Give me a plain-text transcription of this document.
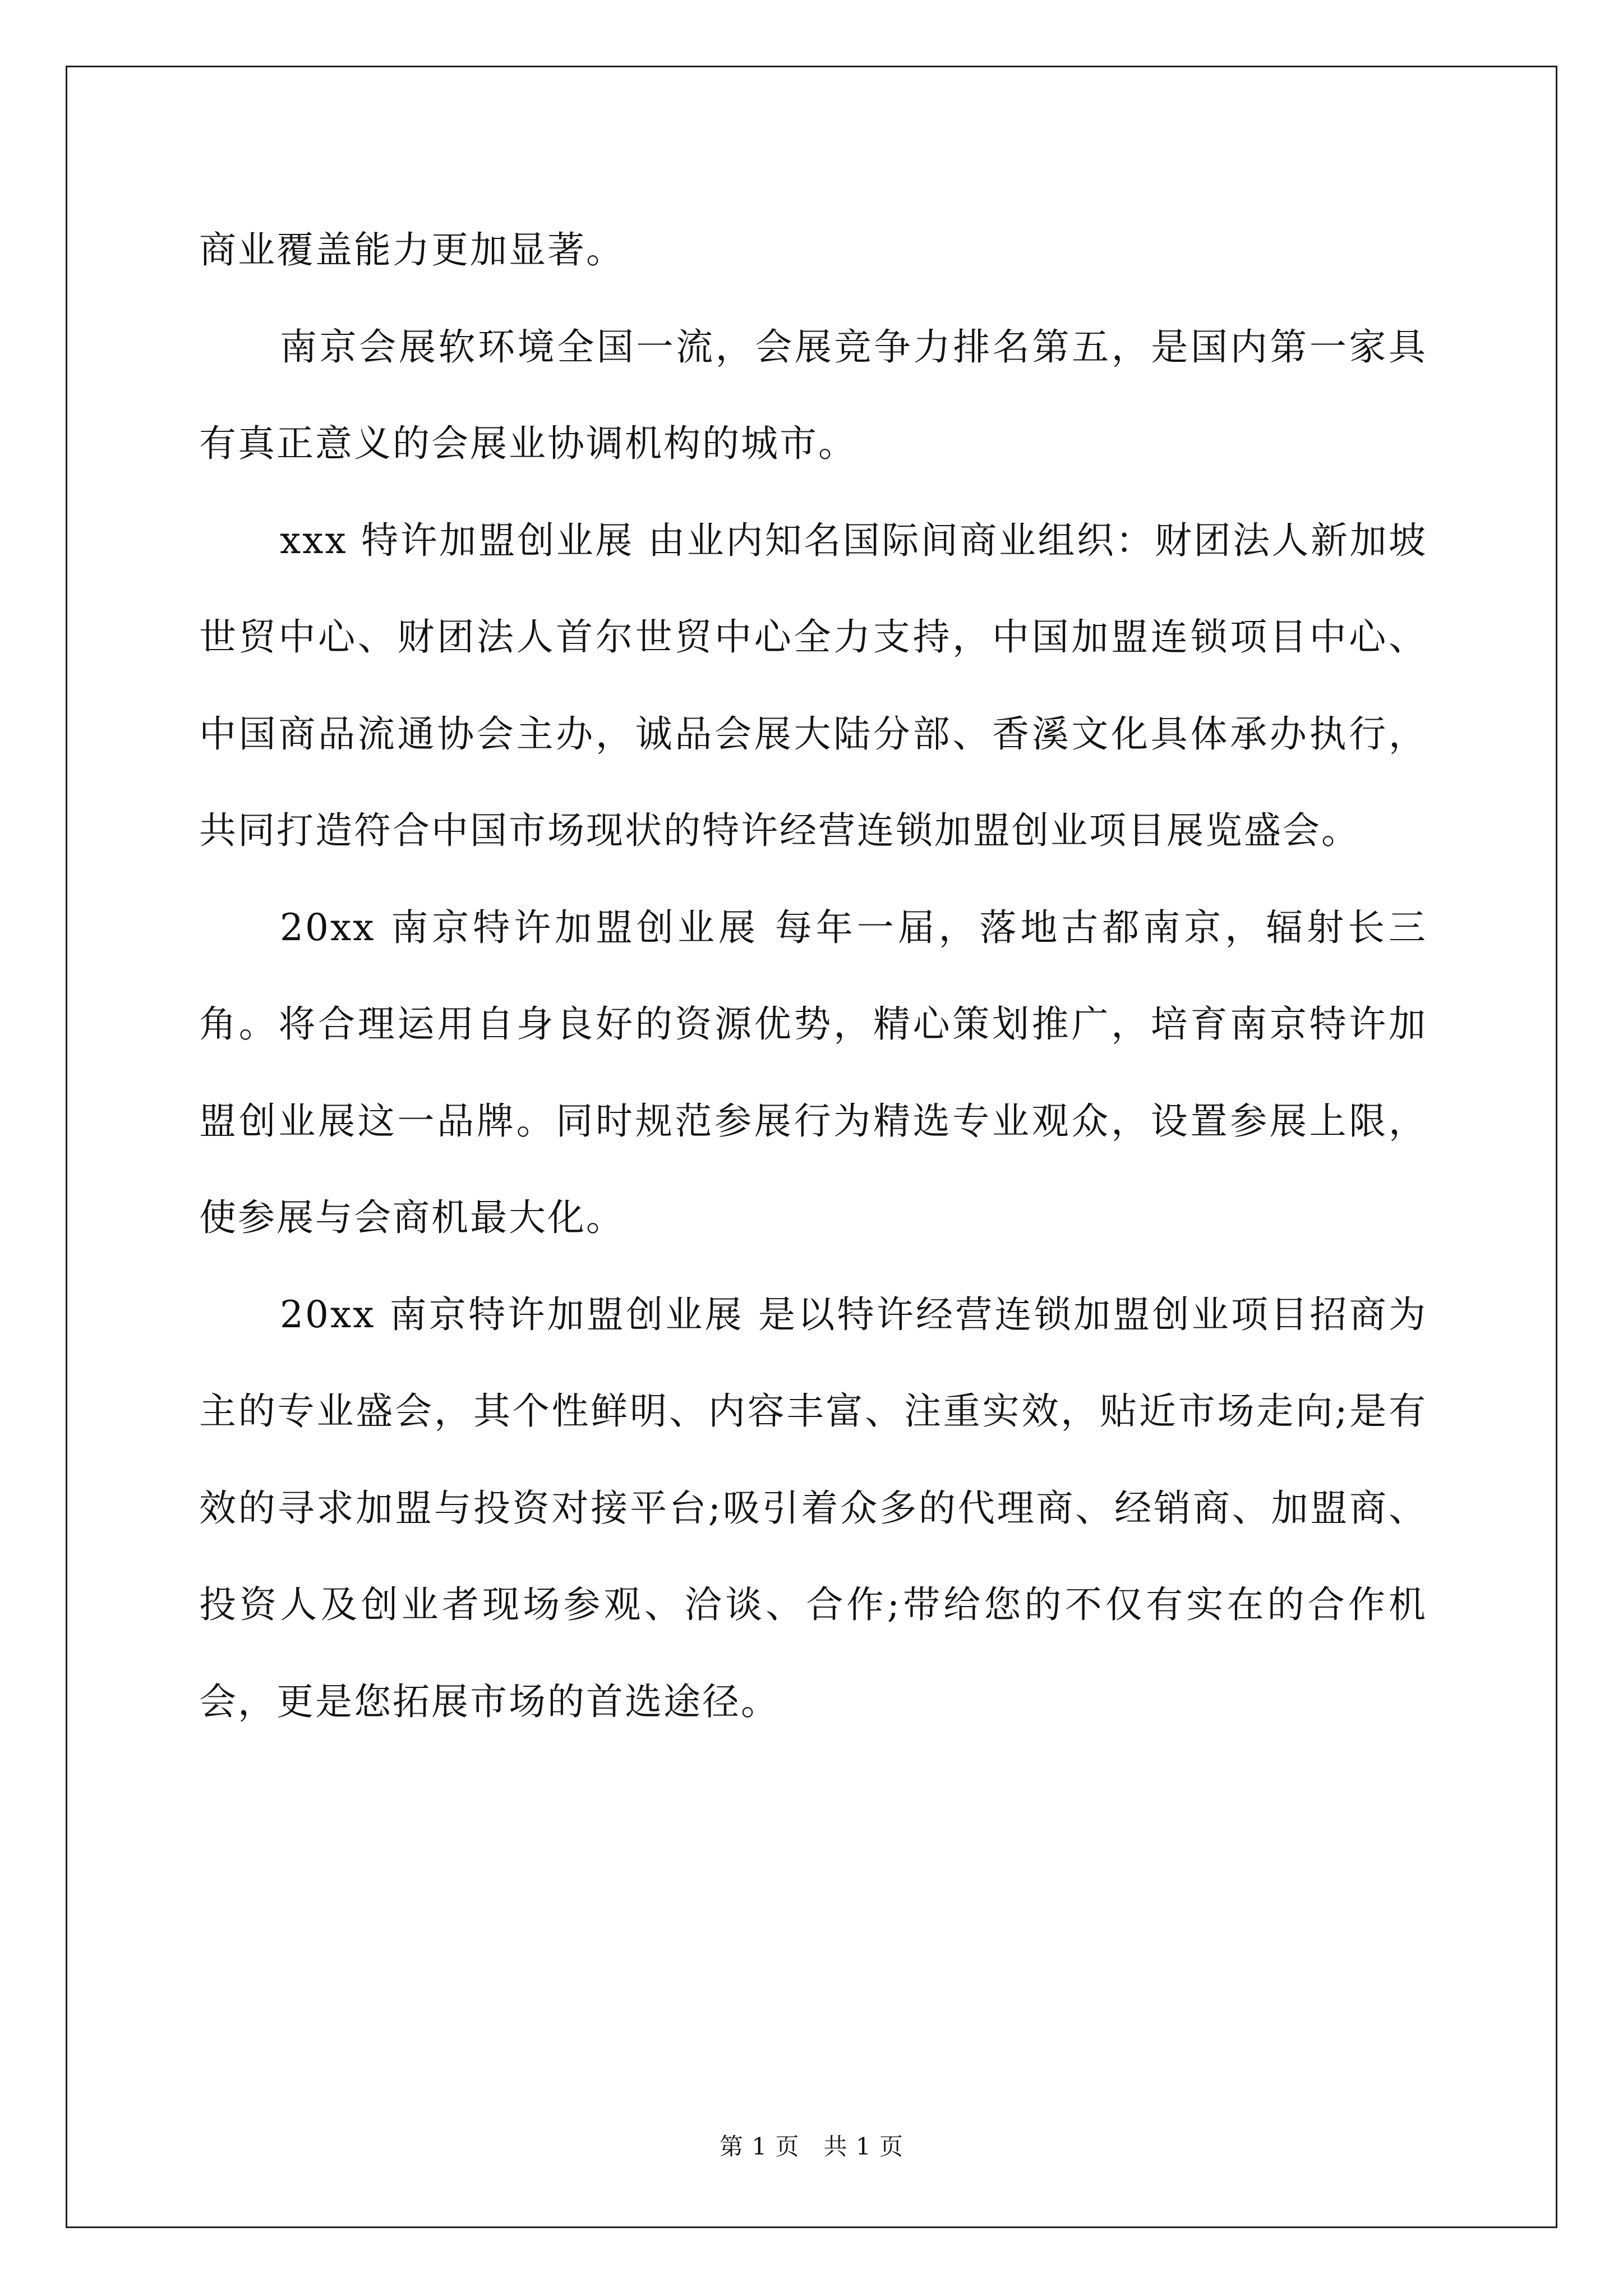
商业覆盖能力更加显著。

南京会展软环境全国一流，会展竞争力排名第五，是国内第一家具有真正意义的会展业协调机构的城市。

xxx 特许加盟创业展 由业内知名国际间商业组织：财团法人新加坡世贸中心、财团法人首尔世贸中心全力支持，中国加盟连锁项目中心、中国商品流通协会主办，诚品会展大陆分部、香溪文化具体承办执行，共同打造符合中国市场现状的特许经营连锁加盟创业项目展览盛会。

20xx 南京特许加盟创业展 每年一届，落地古都南京，辐射长三角。将合理运用自身良好的资源优势，精心策划推广，培育南京特许加盟创业展这一品牌。同时规范参展行为精选专业观众，设置参展上限，使参展与会商机最大化。

20xx 南京特许加盟创业展 是以特许经营连锁加盟创业项目招商为主的专业盛会，其个性鲜明、内容丰富、注重实效，贴近市场走向;是有效的寻求加盟与投资对接平台;吸引着众多的代理商、经销商、加盟商、投资人及创业者现场参观、洽谈、合作;带给您的不仅有实在的合作机会，更是您拓展市场的首选途径。

第 1 页 共 1 页
